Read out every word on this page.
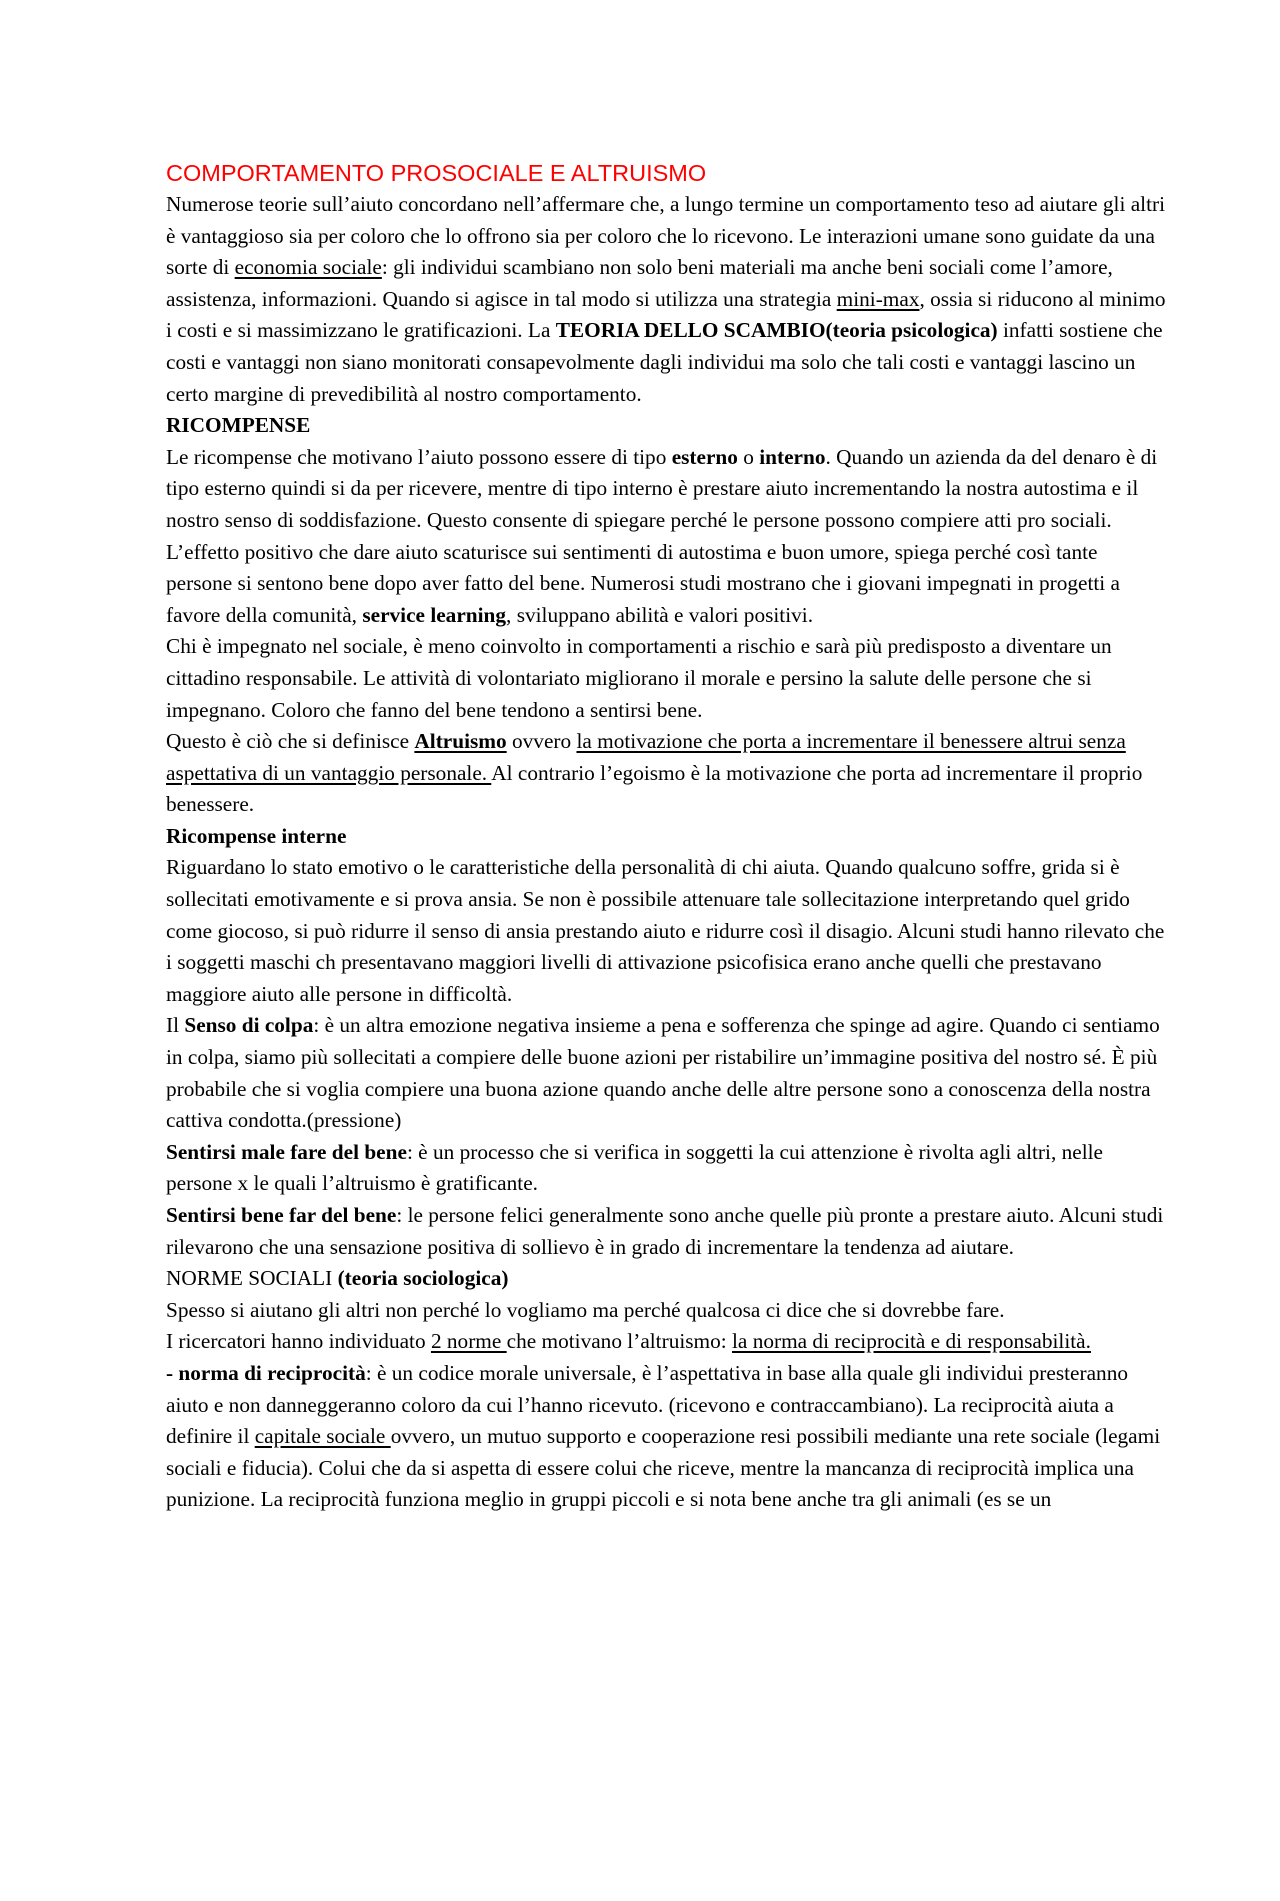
COMPORTAMENTO PROSOCIALE E ALTRUISMO

Numerose teorie sull’aiuto concordano nell’affermare che, a lungo termine un comportamento teso ad aiutare gli altri è vantaggioso sia per coloro che lo offrono sia per coloro che lo ricevono. Le interazioni umane sono guidate da una sorte di economia sociale: gli individui scambiano non solo beni materiali ma anche beni sociali come l’amore, assistenza, informazioni. Quando si agisce in tal modo si utilizza una strategia mini-max, ossia si riducono al minimo i costi e si massimizzano le gratificazioni. La TEORIA DELLO SCAMBIO(teoria psicologica) infatti sostiene che costi e vantaggi non siano monitorati consapevolmente dagli individui ma solo che tali costi e vantaggi lascino un certo margine di prevedibilità al nostro comportamento.

RICOMPENSE

Le ricompense che motivano l’aiuto possono essere di tipo esterno o interno. Quando un azienda da del denaro è di tipo esterno quindi si da per ricevere, mentre di tipo interno è prestare aiuto incrementando la nostra autostima e il nostro senso di soddisfazione. Questo consente di spiegare perché le persone possono compiere atti pro sociali.

L’effetto positivo che dare aiuto scaturisce sui sentimenti di autostima e buon umore, spiega perché così tante persone si sentono bene dopo aver fatto del bene. Numerosi studi mostrano che i giovani impegnati in progetti a favore della comunità, service learning, sviluppano abilità e valori positivi.

Chi è impegnato nel sociale, è meno coinvolto in comportamenti a rischio e sarà più predisposto a diventare un cittadino responsabile. Le attività di volontariato migliorano il morale e persino la salute delle persone che si impegnano. Coloro che fanno del bene tendono a sentirsi bene.

Questo è ciò che si definisce Altruismo ovvero la motivazione che porta a incrementare il benessere altrui senza aspettativa di un vantaggio personale. Al contrario l’egoismo è la motivazione che porta ad incrementare il proprio benessere.

Ricompense interne

Riguardano lo stato emotivo o le caratteristiche della personalità di chi aiuta. Quando qualcuno soffre, grida si è sollecitati emotivamente e si prova ansia. Se non è possibile attenuare tale sollecitazione interpretando quel grido come giocoso, si può ridurre il senso di ansia prestando aiuto e ridurre così il disagio. Alcuni studi hanno rilevato che i soggetti maschi ch presentavano maggiori livelli di attivazione psicofisica erano anche quelli che prestavano maggiore aiuto alle persone in difficoltà.

Il Senso di colpa: è un altra emozione negativa insieme a pena e sofferenza che spinge ad agire. Quando ci sentiamo in colpa, siamo più sollecitati a compiere delle buone azioni per ristabilire un’immagine positiva del nostro sé. È più probabile che si voglia compiere una buona azione quando anche delle altre persone sono a conoscenza della nostra cattiva condotta.(pressione)

Sentirsi male fare del bene: è un processo che si verifica in soggetti la cui attenzione è rivolta agli altri, nelle persone x le quali l’altruismo è gratificante.

Sentirsi bene far del bene: le persone felici generalmente sono anche quelle più pronte a prestare aiuto. Alcuni studi rilevarono che una sensazione positiva di sollievo è in grado di incrementare la tendenza ad aiutare.

NORME SOCIALI (teoria sociologica)

Spesso si aiutano gli altri non perché lo vogliamo ma perché qualcosa ci dice che si dovrebbe fare.

I ricercatori hanno individuato 2 norme che motivano l’altruismo: la norma di reciprocità e di responsabilità.

- norma di reciprocità: è un codice morale universale, è l’aspettativa in base alla quale gli individui presteranno aiuto e non danneggeranno coloro da cui l’hanno ricevuto. (ricevono e contraccambiano). La reciprocità aiuta a definire il capitale sociale ovvero, un mutuo supporto e cooperazione resi possibili mediante una rete sociale (legami sociali e fiducia). Colui che da si aspetta di essere colui che riceve, mentre la mancanza di reciprocità implica una punizione. La reciprocità funziona meglio in gruppi piccoli e si nota bene anche tra gli animali (es se un
